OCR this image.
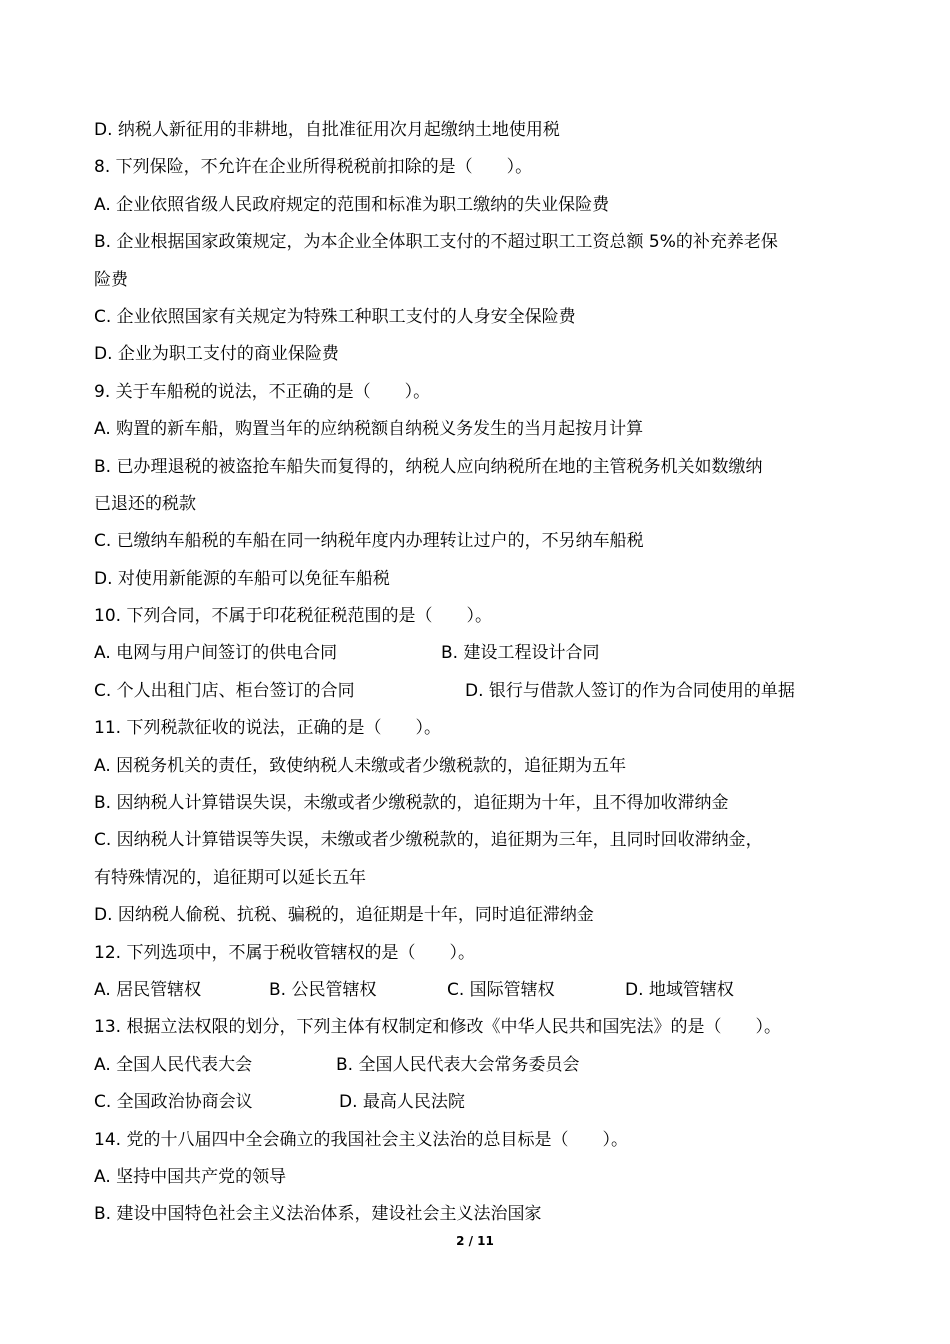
D. 纳税人新征用的非耕地，自批准征用次月起缴纳土地使用税
8. 下列保险，不允许在企业所得税税前扣除的是（　　）。
A. 企业依照省级人民政府规定的范围和标准为职工缴纳的失业保险费
B. 企业根据国家政策规定，为本企业全体职工支付的不超过职工工资总额 5%的补充养老保
险费
C. 企业依照国家有关规定为特殊工种职工支付的人身安全保险费
D. 企业为职工支付的商业保险费
9. 关于车船税的说法，不正确的是（　　）。
A. 购置的新车船，购置当年的应纳税额自纳税义务发生的当月起按月计算
B. 已办理退税的被盗抢车船失而复得的，纳税人应向纳税所在地的主管税务机关如数缴纳
已退还的税款
C. 已缴纳车船税的车船在同一纳税年度内办理转让过户的，不另纳车船税
D. 对使用新能源的车船可以免征车船税
10. 下列合同，不属于印花税征税范围的是（　　）。
A. 电网与用户间签订的供电合同	B. 建设工程设计合同
C. 个人出租门店、柜台签订的合同	D. 银行与借款人签订的作为合同使用的单据
11. 下列税款征收的说法，正确的是（　　）。
A. 因税务机关的责任，致使纳税人未缴或者少缴税款的，追征期为五年
B. 因纳税人计算错误失误，未缴或者少缴税款的，追征期为十年，且不得加收滞纳金
C. 因纳税人计算错误等失误，未缴或者少缴税款的，追征期为三年，且同时回收滞纳金，
有特殊情况的，追征期可以延长五年
D. 因纳税人偷税、抗税、骗税的，追征期是十年，同时追征滞纳金
12. 下列选项中，不属于税收管辖权的是（　　）。
A. 居民管辖权	B. 公民管辖权	C. 国际管辖权	D. 地域管辖权
13. 根据立法权限的划分，下列主体有权制定和修改《中华人民共和国宪法》的是（　　）。
A. 全国人民代表大会	B. 全国人民代表大会常务委员会
C. 全国政治协商会议	D. 最高人民法院
14. 党的十八届四中全会确立的我国社会主义法治的总目标是（　　）。
A. 坚持中国共产党的领导
B. 建设中国特色社会主义法治体系，建设社会主义法治国家
2 / 11
